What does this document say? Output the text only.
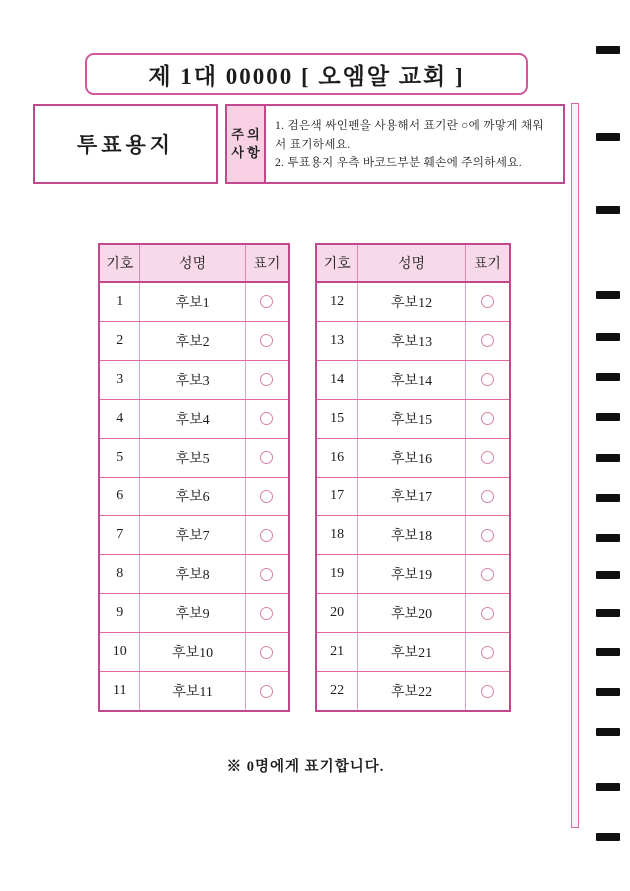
제 1대 00000 [ 오엠알 교회 ]
투표용지	주 의
사 항
1. 검은색 싸인펜을 사용해서 표기란 ○에 까맣게 채워서 표기하세요.
2. 투표용지 우측 바코드부분 훼손에 주의하세요.
기호	성명	표기
1	후보1
2	후보2
3	후보3
4	후보4
5	후보5
6	후보6
7	후보7
8	후보8
9	후보9
10	후보10
11	후보11
기호	성명	표기
12	후보12
13	후보13
14	후보14
15	후보15
16	후보16
17	후보17
18	후보18
19	후보19
20	후보20
21	후보21
22	후보22
※ 0명에게 표기합니다.
